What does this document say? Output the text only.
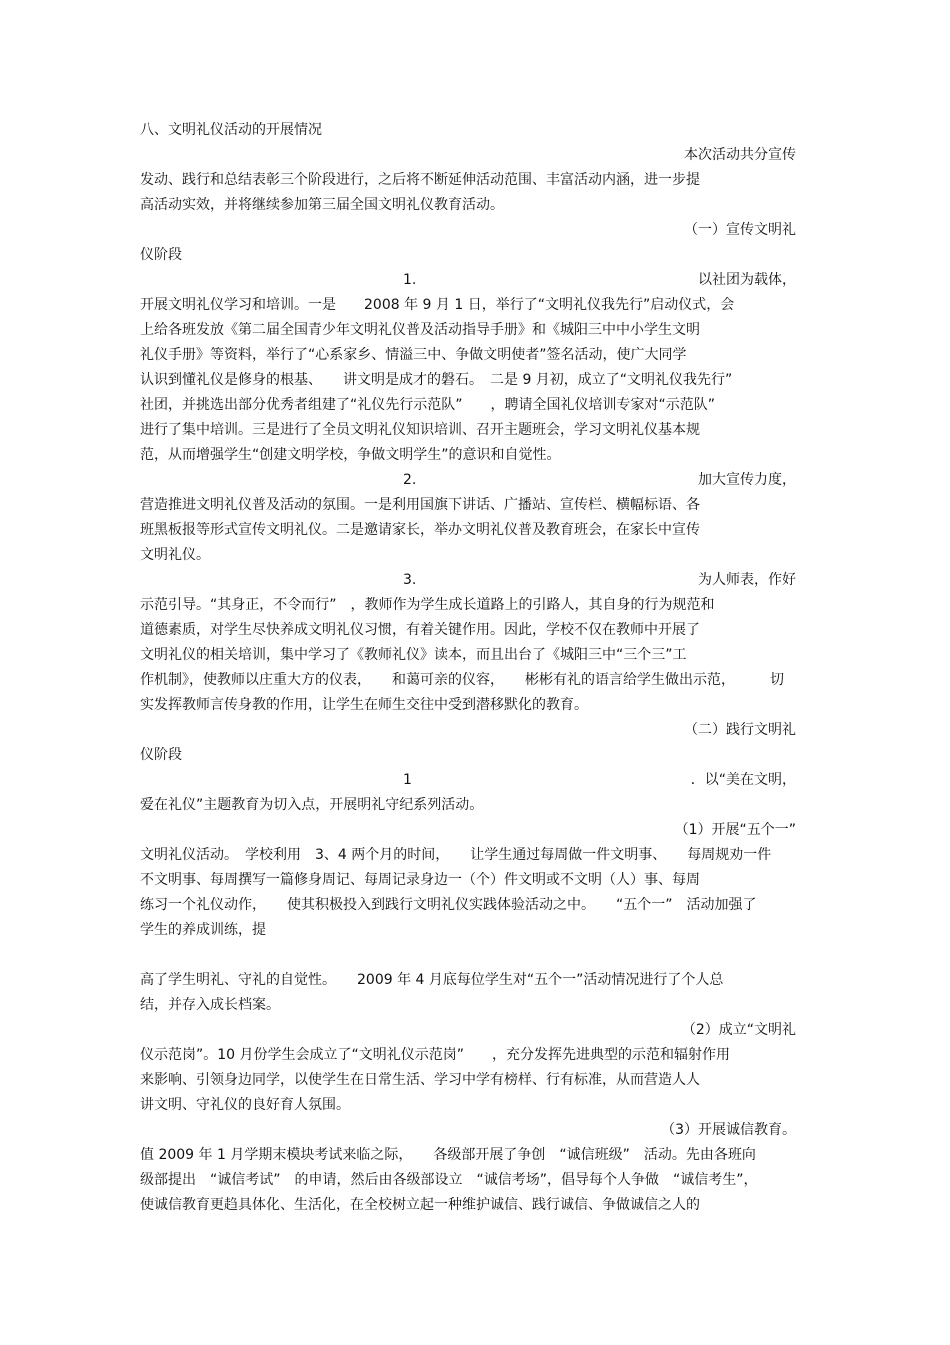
八、文明礼仪活动的开展情况
本次活动共分宣传
发动、践行和总结表彰三个阶段进行，之后将不断延伸活动范围、丰富活动内涵，进一步提
高活动实效，并将继续参加第三届全国文明礼仪教育活动。
（一）宣传文明礼
仪阶段
1.	以社团为载体，
开展文明礼仪学习和培训。一是　　2008 年 9 月 1 日，举行了“文明礼仪我先行”启动仪式，会
上给各班发放《第二届全国青少年文明礼仪普及活动指导手册》和《城阳三中中小学生文明
礼仪手册》等资料，举行了“心系家乡、情溢三中、争做文明使者”签名活动，使广大同学
认识到懂礼仪是修身的根基、　　讲文明是成才的磐石。　二是 9 月初，成立了“文明礼仪我先行”
社团，并挑选出部分优秀者组建了“礼仪先行示范队”　　，聘请全国礼仪培训专家对“示范队”
进行了集中培训。三是进行了全员文明礼仪知识培训、召开主题班会，学习文明礼仪基本规
范，从而增强学生“创建文明学校，争做文明学生”的意识和自觉性。
2.	加大宣传力度，
营造推进文明礼仪普及活动的氛围。一是利用国旗下讲话、广播站、宣传栏、横幅标语、各
班黑板报等形式宣传文明礼仪。二是邀请家长，举办文明礼仪普及教育班会，在家长中宣传
文明礼仪。
3.	为人师表，作好
示范引导。“其身正，不令而行”　，教师作为学生成长道路上的引路人，其自身的行为规范和
道德素质，对学生尽快养成文明礼仪习惯，有着关键作用。因此，学校不仅在教师中开展了
文明礼仪的相关培训，集中学习了《教师礼仪》读本，而且出台了《城阳三中“三个三”工
作机制》，使教师以庄重大方的仪表，　　和蔼可亲的仪容，　　彬彬有礼的语言给学生做出示范，　　　切
实发挥教师言传身教的作用，让学生在师生交往中受到潜移默化的教育。
（二）践行文明礼
仪阶段
1	．以“美在文明，
爱在礼仪”主题教育为切入点，开展明礼守纪系列活动。
（1）开展“五个一”
文明礼仪活动。　学校利用　3、4 两个月的时间，　　让学生通过每周做一件文明事、　　每周规劝一件
不文明事、每周撰写一篇修身周记、每周记录身边一（个）件文明或不文明（人）事、每周
练习一个礼仪动作，　　使其积极投入到践行文明礼仪实践体验活动之中。　　“五个一”　活动加强了
学生的养成训练，提
高了学生明礼、守礼的自觉性。　　2009 年 4 月底每位学生对“五个一”活动情况进行了个人总
结，并存入成长档案。
（2）成立“文明礼
仪示范岗”。10 月份学生会成立了“文明礼仪示范岗”　　，充分发挥先进典型的示范和辐射作用
来影响、引领身边同学，以使学生在日常生活、学习中学有榜样、行有标准，从而营造人人
讲文明、守礼仪的良好育人氛围。
（3）开展诚信教育。
值 2009 年 1 月学期末模块考试来临之际，　　各级部开展了争创　“诚信班级”　活动。先由各班向
级部提出　“诚信考试”　的申请，然后由各级部设立　“诚信考场”，倡导每个人争做　“诚信考生”，
使诚信教育更趋具体化、生活化，在全校树立起一种维护诚信、践行诚信、争做诚信之人的
